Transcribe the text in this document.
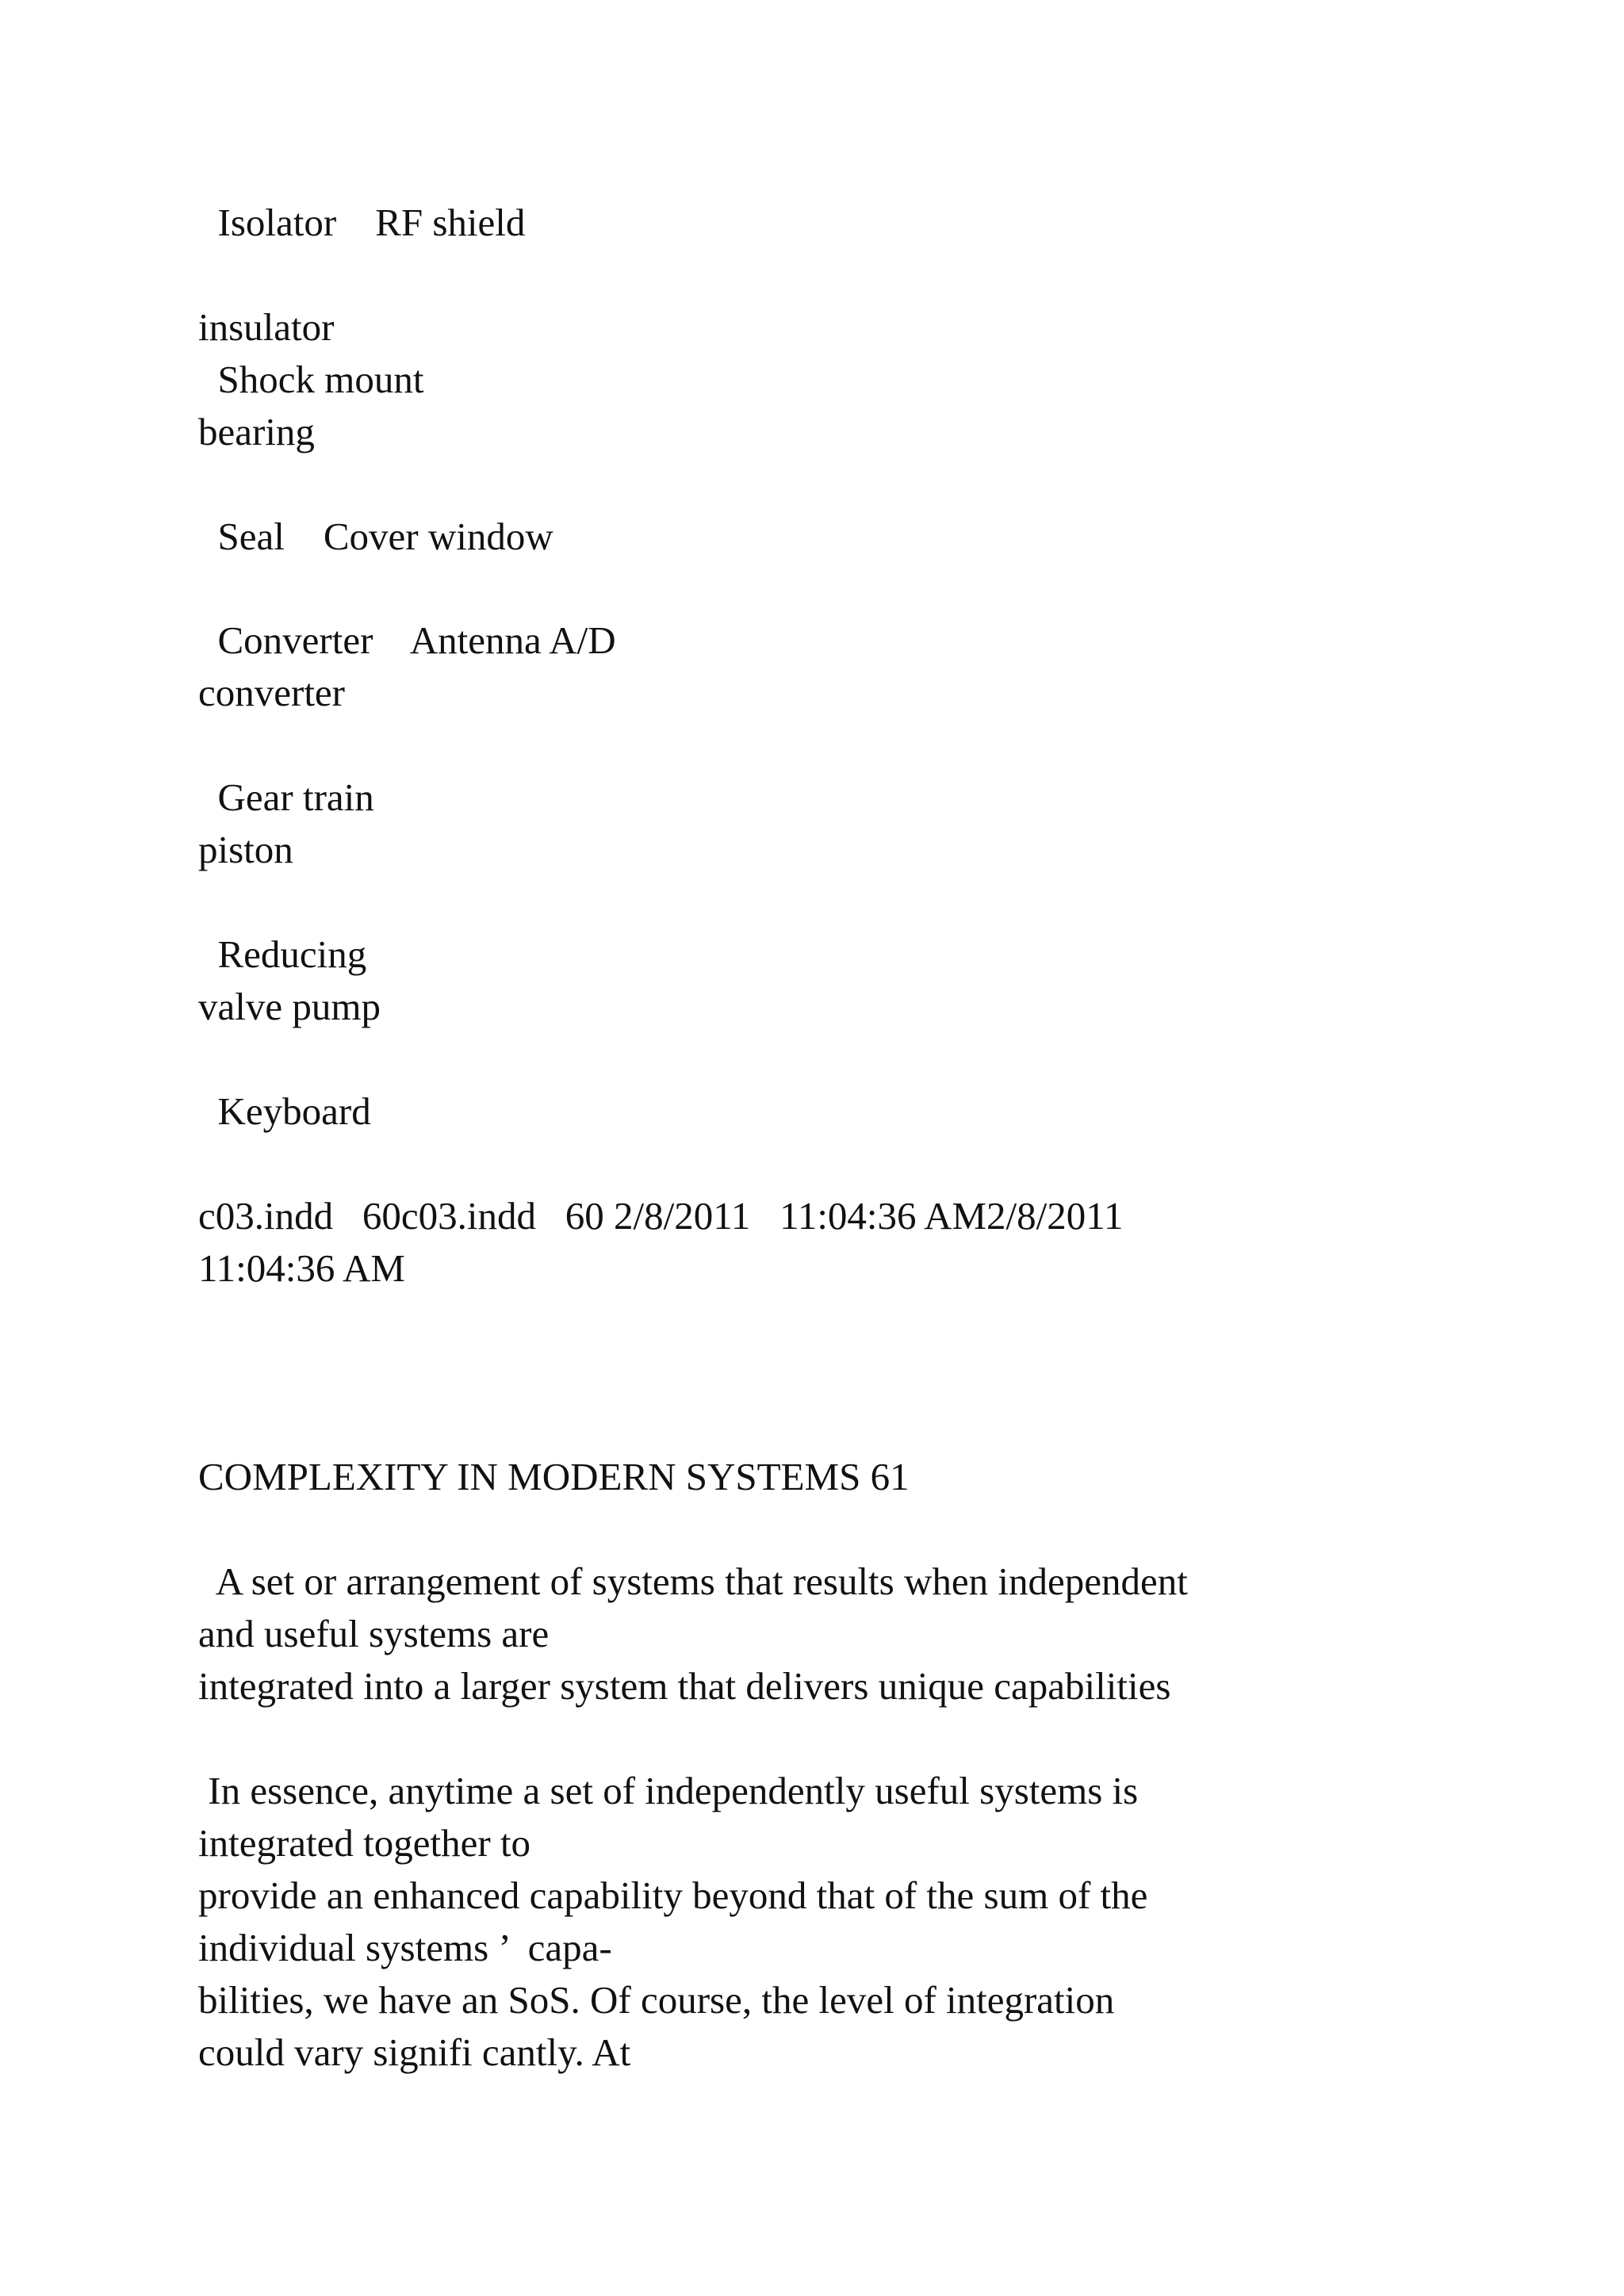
Isolator    RF shield

insulator

Shock mount

bearing

Seal    Cover window

Converter    Antenna A/D

converter

Gear train

piston

Reducing

valve pump

Keyboard

c03.indd   60c03.indd   60 2/8/2011   11:04:36 AM2/8/2011

11:04:36 AM

COMPLEXITY IN MODERN SYSTEMS 61

A set or arrangement of systems that results when independent

and useful systems are

integrated into a larger system that delivers unique capabilities

In essence, anytime a set of independently useful systems is

integrated together to

provide an enhanced capability beyond that of the sum of the

individual systems ’  capa-

bilities, we have an SoS. Of course, the level of integration

could vary signifi cantly. At
